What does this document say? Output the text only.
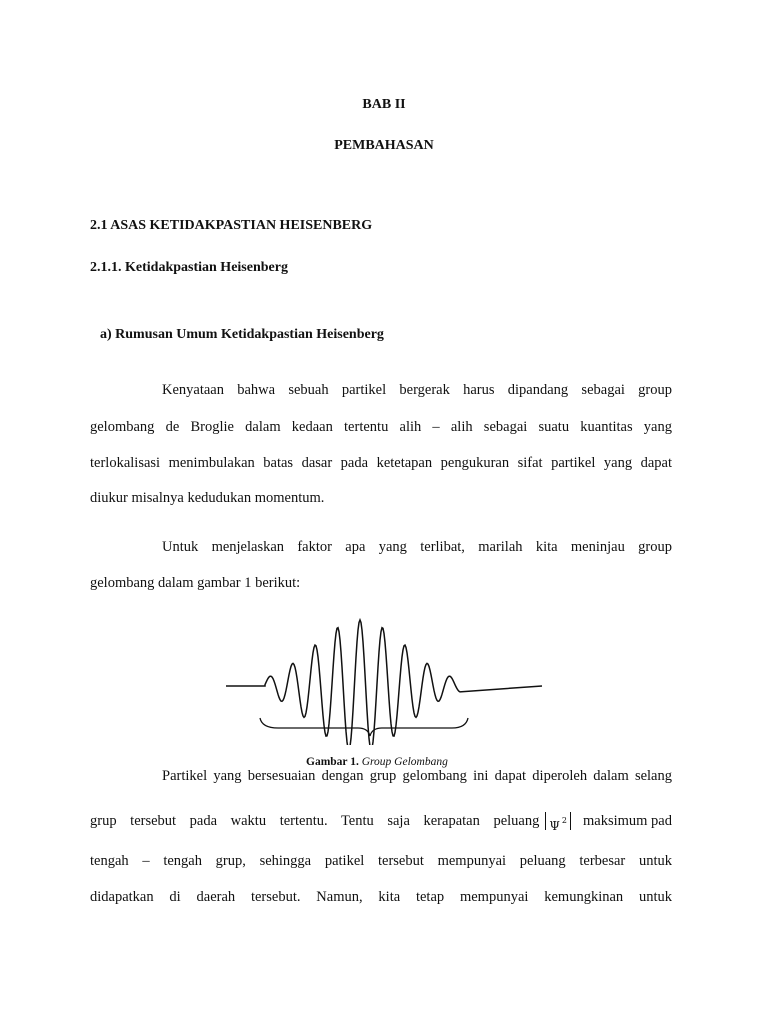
BAB II
PEMBAHASAN
2.1 ASAS KETIDAKPASTIAN HEISENBERG
2.1.1. Ketidakpastian Heisenberg
a) Rumusan Umum Ketidakpastian Heisenberg
Kenyataan bahwa sebuah partikel bergerak harus dipandang sebagai group
gelombang de Broglie dalam kedaan tertentu alih – alih sebagai suatu kuantitas yang
terlokalisasi menimbulakan batas dasar pada ketetapan pengukuran sifat partikel yang dapat
diukur misalnya kedudukan momentum.
Untuk menjelaskan faktor apa yang terlibat, marilah kita meninjau group
gelombang dalam gambar 1 berikut:
Gambar 1. Group Gelombang
Partikel yang bersesuaian dengan grup gelombang ini dapat diperoleh dalam selang
grup tersebut pada waktu tertentu. Tentu saja kerapatan peluang Ψ $^2$ maksimum pad
tengah – tengah grup, sehingga patikel tersebut mempunyai peluang terbesar untuk
didapatkan di daerah tersebut. Namun, kita tetap mempunyai kemungkinan untuk
